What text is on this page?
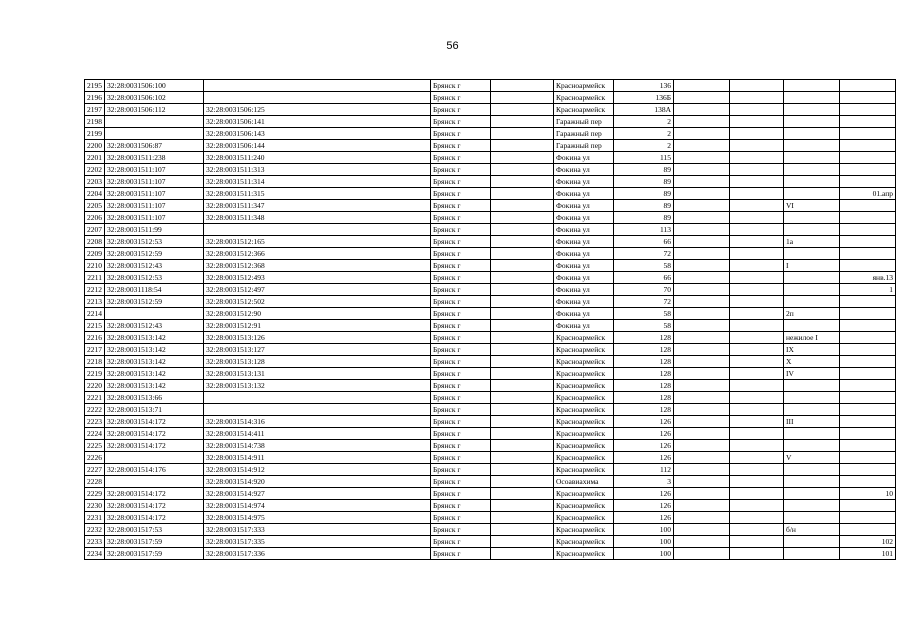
56
2195	32:28:0031506:100		Брянск г		Красноармейск	136				
2196	32:28:0031506:102		Брянск г		Красноармейск	136Б				
2197	32:28:0031506:112	32:28:0031506:125	Брянск г		Красноармейск	138А				
2198		32:28:0031506:141	Брянск г		Гаражный пер	2				
2199		32:28:0031506:143	Брянск г		Гаражный пер	2				
2200	32:28:0031506:87	32:28:0031506:144	Брянск г		Гаражный пер	2				
2201	32:28:0031511:238	32:28:0031511:240	Брянск г		Фокина ул	115				
2202	32:28:0031511:107	32:28:0031511:313	Брянск г		Фокина ул	89				
2203	32:28:0031511:107	32:28:0031511:314	Брянск г		Фокина ул	89				
2204	32:28:0031511:107	32:28:0031511:315	Брянск г		Фокина ул	89				01.апр
2205	32:28:0031511:107	32:28:0031511:347	Брянск г		Фокина ул	89			VI	
2206	32:28:0031511:107	32:28:0031511:348	Брянск г		Фокина ул	89				
2207	32:28:0031511:99		Брянск г		Фокина ул	113				
2208	32:28:0031512:53	32:28:0031512:165	Брянск г		Фокина ул	66			1а	
2209	32:28:0031512:59	32:28:0031512:366	Брянск г		Фокина ул	72				
2210	32:28:0031512:43	32:28:0031512:368	Брянск г		Фокина ул	58			I	
2211	32:28:0031512:53	32:28:0031512:493	Брянск г		Фокина ул	66				янв.13
2212	32:28:0031118:54	32:28:0031512:497	Брянск г		Фокина ул	70				1
2213	32:28:0031512:59	32:28:0031512:502	Брянск г		Фокина ул	72				
2214		32:28:0031512:90	Брянск г		Фокина ул	58			2п	
2215	32:28:0031512:43	32:28:0031512:91	Брянск г		Фокина ул	58				
2216	32:28:0031513:142	32:28:0031513:126	Брянск г		Красноармейск	128			нежилое I	
2217	32:28:0031513:142	32:28:0031513:127	Брянск г		Красноармейск	128			IX	
2218	32:28:0031513:142	32:28:0031513:128	Брянск г		Красноармейск	128			X	
2219	32:28:0031513:142	32:28:0031513:131	Брянск г		Красноармейск	128			IV	
2220	32:28:0031513:142	32:28:0031513:132	Брянск г		Красноармейск	128				
2221	32:28:0031513:66		Брянск г		Красноармейск	128				
2222	32:28:0031513:71		Брянск г		Красноармейск	128				
2223	32:28:0031514:172	32:28:0031514:316	Брянск г		Красноармейск	126			III	
2224	32:28:0031514:172	32:28:0031514:411	Брянск г		Красноармейск	126				
2225	32:28:0031514:172	32:28:0031514:738	Брянск г		Красноармейск	126				
2226		32:28:0031514:911	Брянск г		Красноармейск	126			V	
2227	32:28:0031514:176	32:28:0031514:912	Брянск г		Красноармейск	112				
2228		32:28:0031514:920	Брянск г		Осоавиахима	3				
2229	32:28:0031514:172	32:28:0031514:927	Брянск г		Красноармейск	126				10
2230	32:28:0031514:172	32:28:0031514:974	Брянск г		Красноармейск	126				
2231	32:28:0031514:172	32:28:0031514:975	Брянск г		Красноармейск	126				
2232	32:28:0031517:53	32:28:0031517:333	Брянск г		Красноармейск	100			б/н	
2233	32:28:0031517:59	32:28:0031517:335	Брянск г		Красноармейск	100				102
2234	32:28:0031517:59	32:28:0031517:336	Брянск г		Красноармейск	100				101
